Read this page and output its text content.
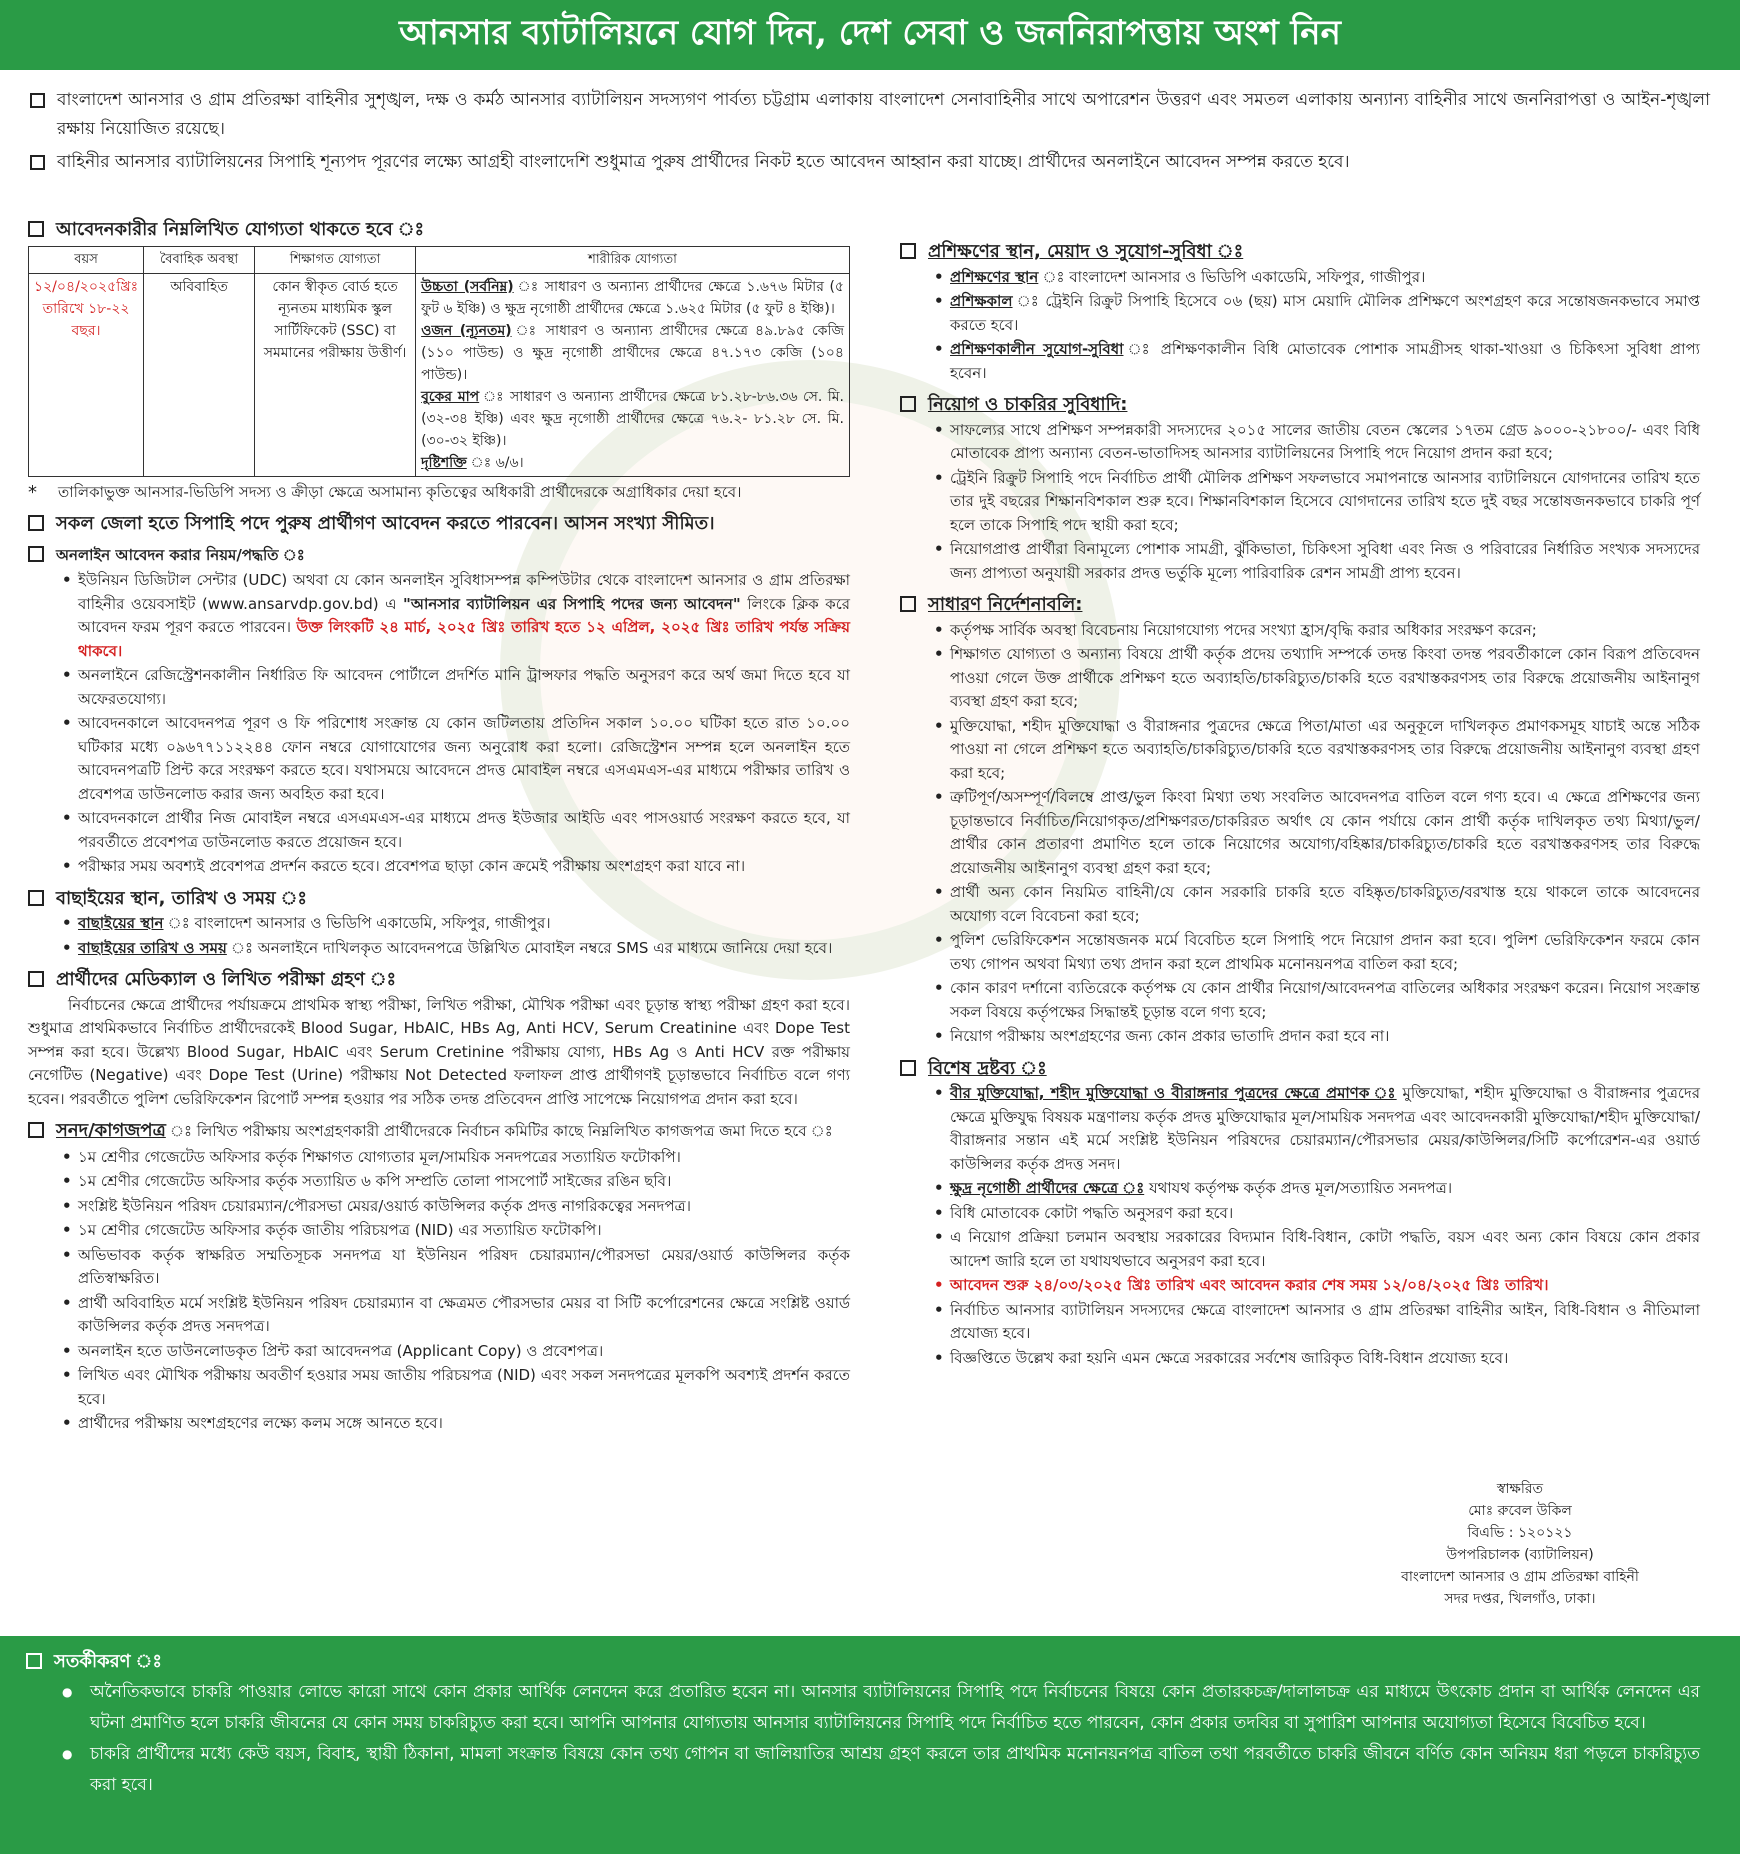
আনসার ব্যাটালিয়নে যোগ দিন, দেশ সেবা ও জননিরাপত্তায় অংশ নিন
বাংলাদেশ আনসার ও গ্রাম প্রতিরক্ষা বাহিনীর সুশৃঙ্খল, দক্ষ ও কর্মঠ আনসার ব্যাটালিয়ন সদস্যগণ পার্বত্য চট্টগ্রাম এলাকায় বাংলাদেশ সেনাবাহিনীর সাথে অপারেশন উত্তরণ এবং সমতল এলাকায় অন্যান্য বাহিনীর সাথে জননিরাপত্তা ও আইন-শৃঙ্খলা রক্ষায় নিয়োজিত রয়েছে।
বাহিনীর আনসার ব্যাটালিয়নের সিপাহি শূন্যপদ পূরণের লক্ষ্যে আগ্রহী বাংলাদেশি শুধুমাত্র পুরুষ প্রার্থীদের নিকট হতে আবেদন আহ্বান করা যাচ্ছে। প্রার্থীদের অনলাইনে আবেদন সম্পন্ন করতে হবে।
আবেদনকারীর নিম্নলিখিত যোগ্যতা থাকতে হবে ঃ
বয়স	বৈবাহিক অবস্থা	শিক্ষাগত যোগ্যতা	শারীরিক যোগ্যতা
১২/০৪/২০২৫খ্রিঃ তারিখে ১৮-২২ বছর।	অবিবাহিত	কোন স্বীকৃত বোর্ড হতে ন্যূনতম মাধ্যমিক স্কুল সার্টিফিকেট (SSC) বা সমমানের পরীক্ষায় উত্তীর্ণ।	উচ্চতা (সর্বনিম্ন) ঃ সাধারণ ও অন্যান্য প্রার্থীদের ক্ষেত্রে ১.৬৭৬ মিটার (৫ ফুট ৬ ইঞ্চি) ও ক্ষুদ্র নৃগোষ্ঠী প্রার্থীদের ক্ষেত্রে ১.৬২৫ মিটার (৫ ফুট ৪ ইঞ্চি)।
ওজন (ন্যূনতম) ঃ সাধারণ ও অন্যান্য প্রার্থীদের ক্ষেত্রে ৪৯.৮৯৫ কেজি (১১০ পাউন্ড) ও ক্ষুদ্র নৃগোষ্ঠী প্রার্থীদের ক্ষেত্রে ৪৭.১৭৩ কেজি (১০৪ পাউন্ড)।
বুকের মাপ ঃ সাধারণ ও অন্যান্য প্রার্থীদের ক্ষেত্রে ৮১.২৮-৮৬.৩৬ সে. মি. (৩২-৩৪ ইঞ্চি) এবং ক্ষুদ্র নৃগোষ্ঠী প্রার্থীদের ক্ষেত্রে ৭৬.২- ৮১.২৮ সে. মি. (৩০-৩২ ইঞ্চি)।
দৃষ্টিশক্তি ঃ ৬/৬।
*	তালিকাভুক্ত আনসার-ভিডিপি সদস্য ও ক্রীড়া ক্ষেত্রে অসামান্য কৃতিত্বের অধিকারী প্রার্থীদেরকে অগ্রাধিকার দেয়া হবে।
সকল জেলা হতে সিপাহি পদে পুরুষ প্রার্থীগণ আবেদন করতে পারবেন। আসন সংখ্যা সীমিত।
অনলাইন আবেদন করার নিয়ম/পদ্ধতি ঃ
• ইউনিয়ন ডিজিটাল সেন্টার (UDC) অথবা যে কোন অনলাইন সুবিধাসম্পন্ন কম্পিউটার থেকে বাংলাদেশ আনসার ও গ্রাম প্রতিরক্ষা বাহিনীর ওয়েবসাইট (www.ansarvdp.gov.bd) এ "আনসার ব্যাটালিয়ন এর সিপাহি পদের জন্য আবেদন" লিংকে ক্লিক করে আবেদন ফরম পূরণ করতে পারবেন। উক্ত লিংকটি ২৪ মার্চ, ২০২৫ খ্রিঃ তারিখ হতে ১২ এপ্রিল, ২০২৫ খ্রিঃ তারিখ পর্যন্ত সক্রিয় থাকবে।
• অনলাইনে রেজিস্ট্রেশনকালীন নির্ধারিত ফি আবেদন পোর্টালে প্রদর্শিত মানি ট্রান্সফার পদ্ধতি অনুসরণ করে অর্থ জমা দিতে হবে যা অফেরতযোগ্য।
• আবেদনকালে আবেদনপত্র পূরণ ও ফি পরিশোধ সংক্রান্ত যে কোন জটিলতায় প্রতিদিন সকাল ১০.০০ ঘটিকা হতে রাত ১০.০০ ঘটিকার মধ্যে ০৯৬৭৭১১২২৪৪ ফোন নম্বরে যোগাযোগের জন্য অনুরোধ করা হলো। রেজিস্ট্রেশন সম্পন্ন হলে অনলাইন হতে আবেদনপত্রটি প্রিন্ট করে সংরক্ষণ করতে হবে। যথাসময়ে আবেদনে প্রদত্ত মোবাইল নম্বরে এসএমএস-এর মাধ্যমে পরীক্ষার তারিখ ও প্রবেশপত্র ডাউনলোড করার জন্য অবহিত করা হবে।
• আবেদনকালে প্রার্থীর নিজ মোবাইল নম্বরে এসএমএস-এর মাধ্যমে প্রদত্ত ইউজার আইডি এবং পাসওয়ার্ড সংরক্ষণ করতে হবে, যা পরবর্তীতে প্রবেশপত্র ডাউনলোড করতে প্রয়োজন হবে।
• পরীক্ষার সময় অবশ্যই প্রবেশপত্র প্রদর্শন করতে হবে। প্রবেশপত্র ছাড়া কোন ক্রমেই পরীক্ষায় অংশগ্রহণ করা যাবে না।
বাছাইয়ের স্থান, তারিখ ও সময় ঃ
• বাছাইয়ের স্থান ঃ বাংলাদেশ আনসার ও ভিডিপি একাডেমি, সফিপুর, গাজীপুর।
• বাছাইয়ের তারিখ ও সময় ঃ অনলাইনে দাখিলকৃত আবেদনপত্রে উল্লিখিত মোবাইল নম্বরে SMS এর মাধ্যমে জানিয়ে দেয়া হবে।
প্রার্থীদের মেডিক্যাল ও লিখিত পরীক্ষা গ্রহণ ঃ
নির্বাচনের ক্ষেত্রে প্রার্থীদের পর্যায়ক্রমে প্রাথমিক স্বাস্থ্য পরীক্ষা, লিখিত পরীক্ষা, মৌখিক পরীক্ষা এবং চূড়ান্ত স্বাস্থ্য পরীক্ষা গ্রহণ করা হবে। শুধুমাত্র প্রাথমিকভাবে নির্বাচিত প্রার্থীদেরকেই Blood Sugar, HbAIC, HBs Ag, Anti HCV, Serum Creatinine এবং Dope Test সম্পন্ন করা হবে। উল্লেখ্য Blood Sugar, HbAIC এবং Serum Cretinine পরীক্ষায় যোগ্য, HBs Ag ও Anti HCV রক্ত পরীক্ষায় নেগেটিভ (Negative) এবং Dope Test (Urine) পরীক্ষায় Not Detected ফলাফল প্রাপ্ত প্রার্থীগণই চূড়ান্তভাবে নির্বাচিত বলে গণ্য হবেন। পরবর্তীতে পুলিশ ভেরিফিকেশন রিপোর্ট সম্পন্ন হওয়ার পর সঠিক তদন্ত প্রতিবেদন প্রাপ্তি সাপেক্ষে নিয়োগপত্র প্রদান করা হবে।
সনদ/কাগজপত্র ঃ লিখিত পরীক্ষায় অংশগ্রহণকারী প্রার্থীদেরকে নির্বাচন কমিটির কাছে নিম্নলিখিত কাগজপত্র জমা দিতে হবে ঃ
• ১ম শ্রেণীর গেজেটেড অফিসার কর্তৃক শিক্ষাগত যোগ্যতার মূল/সাময়িক সনদপত্রের সত্যায়িত ফটোকপি।
• ১ম শ্রেণীর গেজেটেড অফিসার কর্তৃক সত্যায়িত ৬ কপি সম্প্রতি তোলা পাসপোর্ট সাইজের রঙিন ছবি।
• সংশ্লিষ্ট ইউনিয়ন পরিষদ চেয়ারম্যান/পৌরসভা মেয়র/ওয়ার্ড কাউন্সিলর কর্তৃক প্রদত্ত নাগরিকত্বের সনদপত্র।
• ১ম শ্রেণীর গেজেটেড অফিসার কর্তৃক জাতীয় পরিচয়পত্র (NID) এর সত্যায়িত ফটোকপি।
• অভিভাবক কর্তৃক স্বাক্ষরিত সম্মতিসূচক সনদপত্র যা ইউনিয়ন পরিষদ চেয়ারম্যান/পৌরসভা মেয়র/ওয়ার্ড কাউন্সিলর কর্তৃক প্রতিস্বাক্ষরিত।
• প্রার্থী অবিবাহিত মর্মে সংশ্লিষ্ট ইউনিয়ন পরিষদ চেয়ারম্যান বা ক্ষেত্রমত পৌরসভার মেয়র বা সিটি কর্পোরেশনের ক্ষেত্রে সংশ্লিষ্ট ওয়ার্ড কাউন্সিলর কর্তৃক প্রদত্ত সনদপত্র।
• অনলাইন হতে ডাউনলোডকৃত প্রিন্ট করা আবেদনপত্র (Applicant Copy) ও প্রবেশপত্র।
• লিখিত এবং মৌখিক পরীক্ষায় অবতীর্ণ হওয়ার সময় জাতীয় পরিচয়পত্র (NID) এবং সকল সনদপত্রের মূলকপি অবশ্যই প্রদর্শন করতে হবে।
• প্রার্থীদের পরীক্ষায় অংশগ্রহণের লক্ষ্যে কলম সঙ্গে আনতে হবে।
প্রশিক্ষণের স্থান, মেয়াদ ও সুযোগ-সুবিধা ঃ
• প্রশিক্ষণের স্থান ঃ বাংলাদেশ আনসার ও ভিডিপি একাডেমি, সফিপুর, গাজীপুর।
• প্রশিক্ষকাল ঃ ট্রেইনি রিক্রুট সিপাহি হিসেবে ০৬ (ছয়) মাস মেয়াদি মৌলিক প্রশিক্ষণে অংশগ্রহণ করে সন্তোষজনকভাবে সমাপ্ত করতে হবে।
• প্রশিক্ষণকালীন সুযোগ-সুবিধা ঃ প্রশিক্ষণকালীন বিধি মোতাবেক পোশাক সামগ্রীসহ থাকা-খাওয়া ও চিকিৎসা সুবিধা প্রাপ্য হবেন।
নিয়োগ ও চাকরির সুবিধাদি:
• সাফল্যের সাথে প্রশিক্ষণ সম্পন্নকারী সদস্যদের ২০১৫ সালের জাতীয় বেতন স্কেলের ১৭তম গ্রেড ৯০০০-২১৮০০/- এবং বিধি মোতাবেক প্রাপ্য অন্যান্য বেতন-ভাতাদিসহ আনসার ব্যাটালিয়নের সিপাহি পদে নিয়োগ প্রদান করা হবে;
• ট্রেইনি রিক্রুট সিপাহি পদে নির্বাচিত প্রার্থী মৌলিক প্রশিক্ষণ সফলভাবে সমাপনান্তে আনসার ব্যাটালিয়নে যোগদানের তারিখ হতে তার দুই বছরের শিক্ষানবিশকাল শুরু হবে। শিক্ষানবিশকাল হিসেবে যোগদানের তারিখ হতে দুই বছর সন্তোষজনকভাবে চাকরি পূর্ণ হলে তাকে সিপাহি পদে স্থায়ী করা হবে;
• নিয়োগপ্রাপ্ত প্রার্থীরা বিনামূল্যে পোশাক সামগ্রী, ঝুঁকিভাতা, চিকিৎসা সুবিধা এবং নিজ ও পরিবারের নির্ধারিত সংখ্যক সদস্যদের জন্য প্রাপ্যতা অনুযায়ী সরকার প্রদত্ত ভর্তুকি মূল্যে পারিবারিক রেশন সামগ্রী প্রাপ্য হবেন।
সাধারণ নির্দেশনাবলি:
• কর্তৃপক্ষ সার্বিক অবস্থা বিবেচনায় নিয়োগযোগ্য পদের সংখ্যা হ্রাস/বৃদ্ধি করার অধিকার সংরক্ষণ করেন;
• শিক্ষাগত যোগ্যতা ও অন্যান্য বিষয়ে প্রার্থী কর্তৃক প্রদেয় তথ্যাদি সম্পর্কে তদন্ত কিংবা তদন্ত পরবর্তীকালে কোন বিরূপ প্রতিবেদন পাওয়া গেলে উক্ত প্রার্থীকে প্রশিক্ষণ হতে অব্যাহতি/চাকরিচ্যুত/চাকরি হতে বরখাস্তকরণসহ তার বিরুদ্ধে প্রয়োজনীয় আইনানুগ ব্যবস্থা গ্রহণ করা হবে;
• মুক্তিযোদ্ধা, শহীদ মুক্তিযোদ্ধা ও বীরাঙ্গনার পুত্রদের ক্ষেত্রে পিতা/মাতা এর অনুকূলে দাখিলকৃত প্রমাণকসমূহ যাচাই অন্তে সঠিক পাওয়া না গেলে প্রশিক্ষণ হতে অব্যাহতি/চাকরিচ্যুত/চাকরি হতে বরখাস্তকরণসহ তার বিরুদ্ধে প্রয়োজনীয় আইনানুগ ব্যবস্থা গ্রহণ করা হবে;
• ত্রুটিপূর্ণ/অসম্পূর্ণ/বিলম্বে প্রাপ্ত/ভুল কিংবা মিথ্যা তথ্য সংবলিত আবেদনপত্র বাতিল বলে গণ্য হবে। এ ক্ষেত্রে প্রশিক্ষণের জন্য চূড়ান্তভাবে নির্বাচিত/নিয়োগকৃত/প্রশিক্ষণরত/চাকরিরত অর্থাৎ যে কোন পর্যায়ে কোন প্রার্থী কর্তৃক দাখিলকৃত তথ্য মিথ্যা/ভুল/প্রার্থীর কোন প্রতারণা প্রমাণিত হলে তাকে নিয়োগের অযোগ্য/বহিষ্কার/চাকরিচ্যুত/চাকরি হতে বরখাস্তকরণসহ তার বিরুদ্ধে প্রয়োজনীয় আইনানুগ ব্যবস্থা গ্রহণ করা হবে;
• প্রার্থী অন্য কোন নিয়মিত বাহিনী/যে কোন সরকারি চাকরি হতে বহিষ্কৃত/চাকরিচ্যুত/বরখাস্ত হয়ে থাকলে তাকে আবেদনের অযোগ্য বলে বিবেচনা করা হবে;
• পুলিশ ভেরিফিকেশন সন্তোষজনক মর্মে বিবেচিত হলে সিপাহি পদে নিয়োগ প্রদান করা হবে। পুলিশ ভেরিফিকেশন ফরমে কোন তথ্য গোপন অথবা মিথ্যা তথ্য প্রদান করা হলে প্রাথমিক মনোনয়নপত্র বাতিল করা হবে;
• কোন কারণ দর্শানো ব্যতিরেকে কর্তৃপক্ষ যে কোন প্রার্থীর নিয়োগ/আবেদনপত্র বাতিলের অধিকার সংরক্ষণ করেন। নিয়োগ সংক্রান্ত সকল বিষয়ে কর্তৃপক্ষের সিদ্ধান্তই চূড়ান্ত বলে গণ্য হবে;
• নিয়োগ পরীক্ষায় অংশগ্রহণের জন্য কোন প্রকার ভাতাদি প্রদান করা হবে না।
বিশেষ দ্রষ্টব্য ঃ
• বীর মুক্তিযোদ্ধা, শহীদ মুক্তিযোদ্ধা ও বীরাঙ্গনার পুত্রদের ক্ষেত্রে প্রমাণক ঃ মুক্তিযোদ্ধা, শহীদ মুক্তিযোদ্ধা ও বীরাঙ্গনার পুত্রদের ক্ষেত্রে মুক্তিযুদ্ধ বিষয়ক মন্ত্রণালয় কর্তৃক প্রদত্ত মুক্তিযোদ্ধার মূল/সাময়িক সনদপত্র এবং আবেদনকারী মুক্তিযোদ্ধা/শহীদ মুক্তিযোদ্ধা/বীরাঙ্গনার সন্তান এই মর্মে সংশ্লিষ্ট ইউনিয়ন পরিষদের চেয়ারম্যান/পৌরসভার মেয়র/কাউন্সিলর/সিটি কর্পোরেশন-এর ওয়ার্ড কাউন্সিলর কর্তৃক প্রদত্ত সনদ।
• ক্ষুদ্র নৃগোষ্ঠী প্রার্থীদের ক্ষেত্রে ঃ যথাযথ কর্তৃপক্ষ কর্তৃক প্রদত্ত মূল/সত্যায়িত সনদপত্র।
• বিধি মোতাবেক কোটা পদ্ধতি অনুসরণ করা হবে।
• এ নিয়োগ প্রক্রিয়া চলমান অবস্থায় সরকারের বিদ্যমান বিধি-বিধান, কোটা পদ্ধতি, বয়স এবং অন্য কোন বিষয়ে কোন প্রকার আদেশ জারি হলে তা যথাযথভাবে অনুসরণ করা হবে।
• আবেদন শুরু ২৪/০৩/২০২৫ খ্রিঃ তারিখ এবং আবেদন করার শেষ সময় ১২/০৪/২০২৫ খ্রিঃ তারিখ।
• নির্বাচিত আনসার ব্যাটালিয়ন সদস্যদের ক্ষেত্রে বাংলাদেশ আনসার ও গ্রাম প্রতিরক্ষা বাহিনীর আইন, বিধি-বিধান ও নীতিমালা প্রযোজ্য হবে।
• বিজ্ঞপ্তিতে উল্লেখ করা হয়নি এমন ক্ষেত্রে সরকারের সর্বশেষ জারিকৃত বিধি-বিধান প্রযোজ্য হবে।
স্বাক্ষরিত
মোঃ রুবেল উকিল
বিএভি : ১২০১২১
উপপরিচালক (ব্যাটালিয়ন)
বাংলাদেশ আনসার ও গ্রাম প্রতিরক্ষা বাহিনী
সদর দপ্তর, খিলগাঁও, ঢাকা।
সতর্কীকরণ ঃ
● অনৈতিকভাবে চাকরি পাওয়ার লোভে কারো সাথে কোন প্রকার আর্থিক লেনদেন করে প্রতারিত হবেন না। আনসার ব্যাটালিয়নের সিপাহি পদে নির্বাচনের বিষয়ে কোন প্রতারকচক্র/দালালচক্র এর মাধ্যমে উৎকোচ প্রদান বা আর্থিক লেনদেন এর ঘটনা প্রমাণিত হলে চাকরি জীবনের যে কোন সময় চাকরিচ্যুত করা হবে। আপনি আপনার যোগ্যতায় আনসার ব্যাটালিয়নের সিপাহি পদে নির্বাচিত হতে পারবেন, কোন প্রকার তদবির বা সুপারিশ আপনার অযোগ্যতা হিসেবে বিবেচিত হবে।
● চাকরি প্রার্থীদের মধ্যে কেউ বয়স, বিবাহ, স্থায়ী ঠিকানা, মামলা সংক্রান্ত বিষয়ে কোন তথ্য গোপন বা জালিয়াতির আশ্রয় গ্রহণ করলে তার প্রাথমিক মনোনয়নপত্র বাতিল তথা পরবর্তীতে চাকরি জীবনে বর্ণিত কোন অনিয়ম ধরা পড়লে চাকরিচ্যুত করা হবে।
